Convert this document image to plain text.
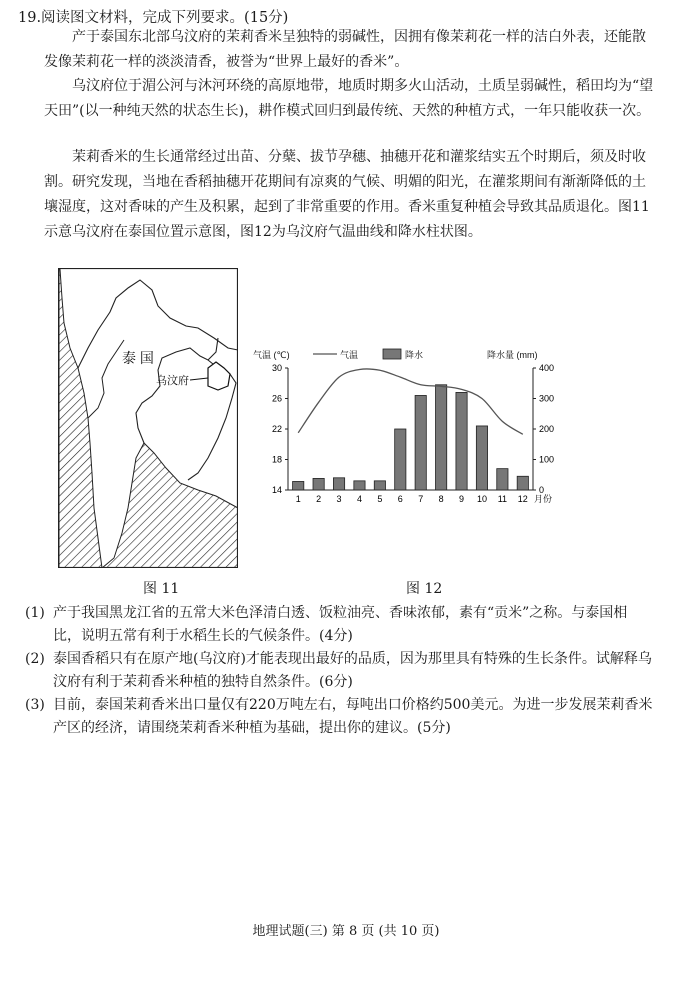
19.阅读图文材料，完成下列要求。(15分)
产于泰国东北部乌汶府的茉莉香米呈独特的弱碱性，因拥有像茉莉花一样的洁白外表，还能散发像茉莉花一样的淡淡清香，被誉为“世界上最好的香米”。
乌汶府位于湄公河与沐河环绕的高原地带，地质时期多火山活动，土质呈弱碱性，稻田均为“望天田”(以一种纯天然的状态生长)，耕作模式回归到最传统、天然的种植方式，一年只能收获一次。
茉莉香米的生长通常经过出苗、分蘖、拔节孕穗、抽穗开花和灌浆结实五个时期后，须及时收割。研究发现，当地在香稻抽穗开花期间有凉爽的气候、明媚的阳光，在灌浆期间有渐渐降低的土壤湿度，这对香味的产生及积累，起到了非常重要的作用。香米重复种植会导致其品质退化。图11示意乌汶府在泰国位置示意图，图12为乌汶府气温曲线和降水柱状图。
泰 国
乌汶府
14
18
22
26
30
0
100
200
300
400
1 2 3 4 5 6 7 8 9 10 11 12
气温 (℃)	降水量 (mm)
气温	降水
月份
图 11	图 12
(1) 产于我国黑龙江省的五常大米色泽清白透、饭粒油亮、香味浓郁，素有“贡米”之称。与泰国相比，说明五常有利于水稻生长的气候条件。(4分)
(2) 泰国香稻只有在原产地(乌汶府)才能表现出最好的品质，因为那里具有特殊的生长条件。试解释乌汶府有利于茉莉香米种植的独特自然条件。(6分)
(3) 目前，泰国茉莉香米出口量仅有220万吨左右，每吨出口价格约500美元。为进一步发展茉莉香米产区的经济，请围绕茉莉香米种植为基础，提出你的建议。(5分)
地理试题(三) 第 8 页 (共 10 页)
